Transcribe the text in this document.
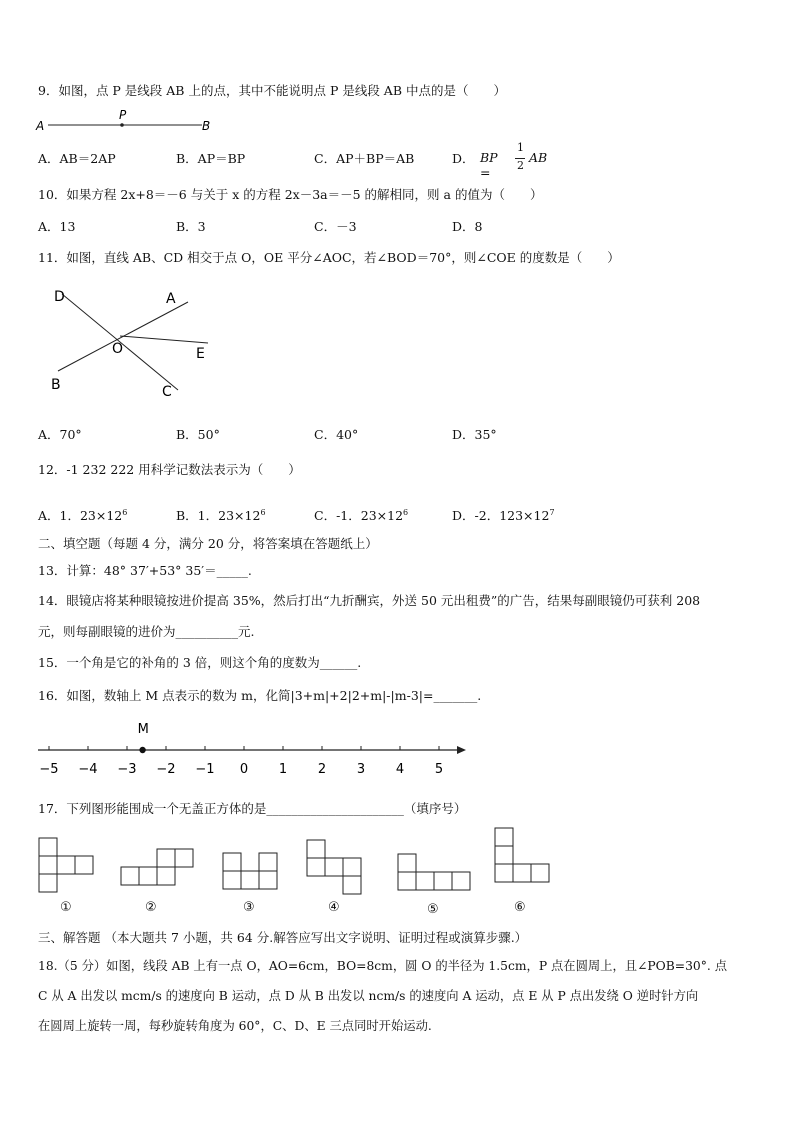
9．如图，点 P 是线段 AB 上的点，其中不能说明点 P 是线段 AB 中点的是（　　）
A
P
B
A．AB＝2AP	B．AP＝BP	C．AP＋BP＝AB	D． BP =
1
2
AB
10．如果方程 2x+8＝－6 与关于 x 的方程 2x－3a＝－5 的解相同，则 a 的值为（　　）
A．13	B．3	C．－3	D．8
11．如图，直线 AB、CD 相交于点 O，OE 平分∠AOC，若∠BOD＝70°，则∠COE 的度数是（　　）
D	A
O	E
B	C
A．70°	B．50°	C．40°	D．35°
12．-1 232 222 用科学记数法表示为（　　）
A．1．$23\times 12^6$	B．1．$23\times 12^6$	C．-1．$23\times 12^6$	D．-2．$123\times 12^7$
二、填空题（每题 4 分，满分 20 分，将答案填在答题纸上）
13．计算：48° 37′+53° 35′＝_____.
14．眼镜店将某种眼镜按进价提高 35%，然后打出“九折酬宾，外送 50 元出租费”的广告，结果每副眼镜仍可获利 208
元，则每副眼镜的进价为__________元.
15．一个角是它的补角的 3 倍，则这个角的度数为______.
16．如图，数轴上 M 点表示的数为 m，化简|3+m|+2|2+m|-|m-3|=_______.
−5 −4 −3 −2 −1 0 1 2 3 4 5
M
17．下列图形能围成一个无盖正方体的是______________________（填序号）
①	②	③	④	⑤	⑥
三、解答题 （本大题共 7 小题，共 64 分.解答应写出文字说明、证明过程或演算步骤.）
18.（5 分）如图，线段 AB 上有一点 O，AO=6cm，BO=8cm，圆 O 的半径为 1.5cm，P 点在圆周上，且∠POB=30°. 点
C 从 A 出发以 mcm/s 的速度向 B 运动，点 D 从 B 出发以 ncm/s 的速度向 A 运动，点 E 从 P 点出发绕 O 逆时针方向
在圆周上旋转一周，每秒旋转角度为 60°，C、D、E 三点同时开始运动.
